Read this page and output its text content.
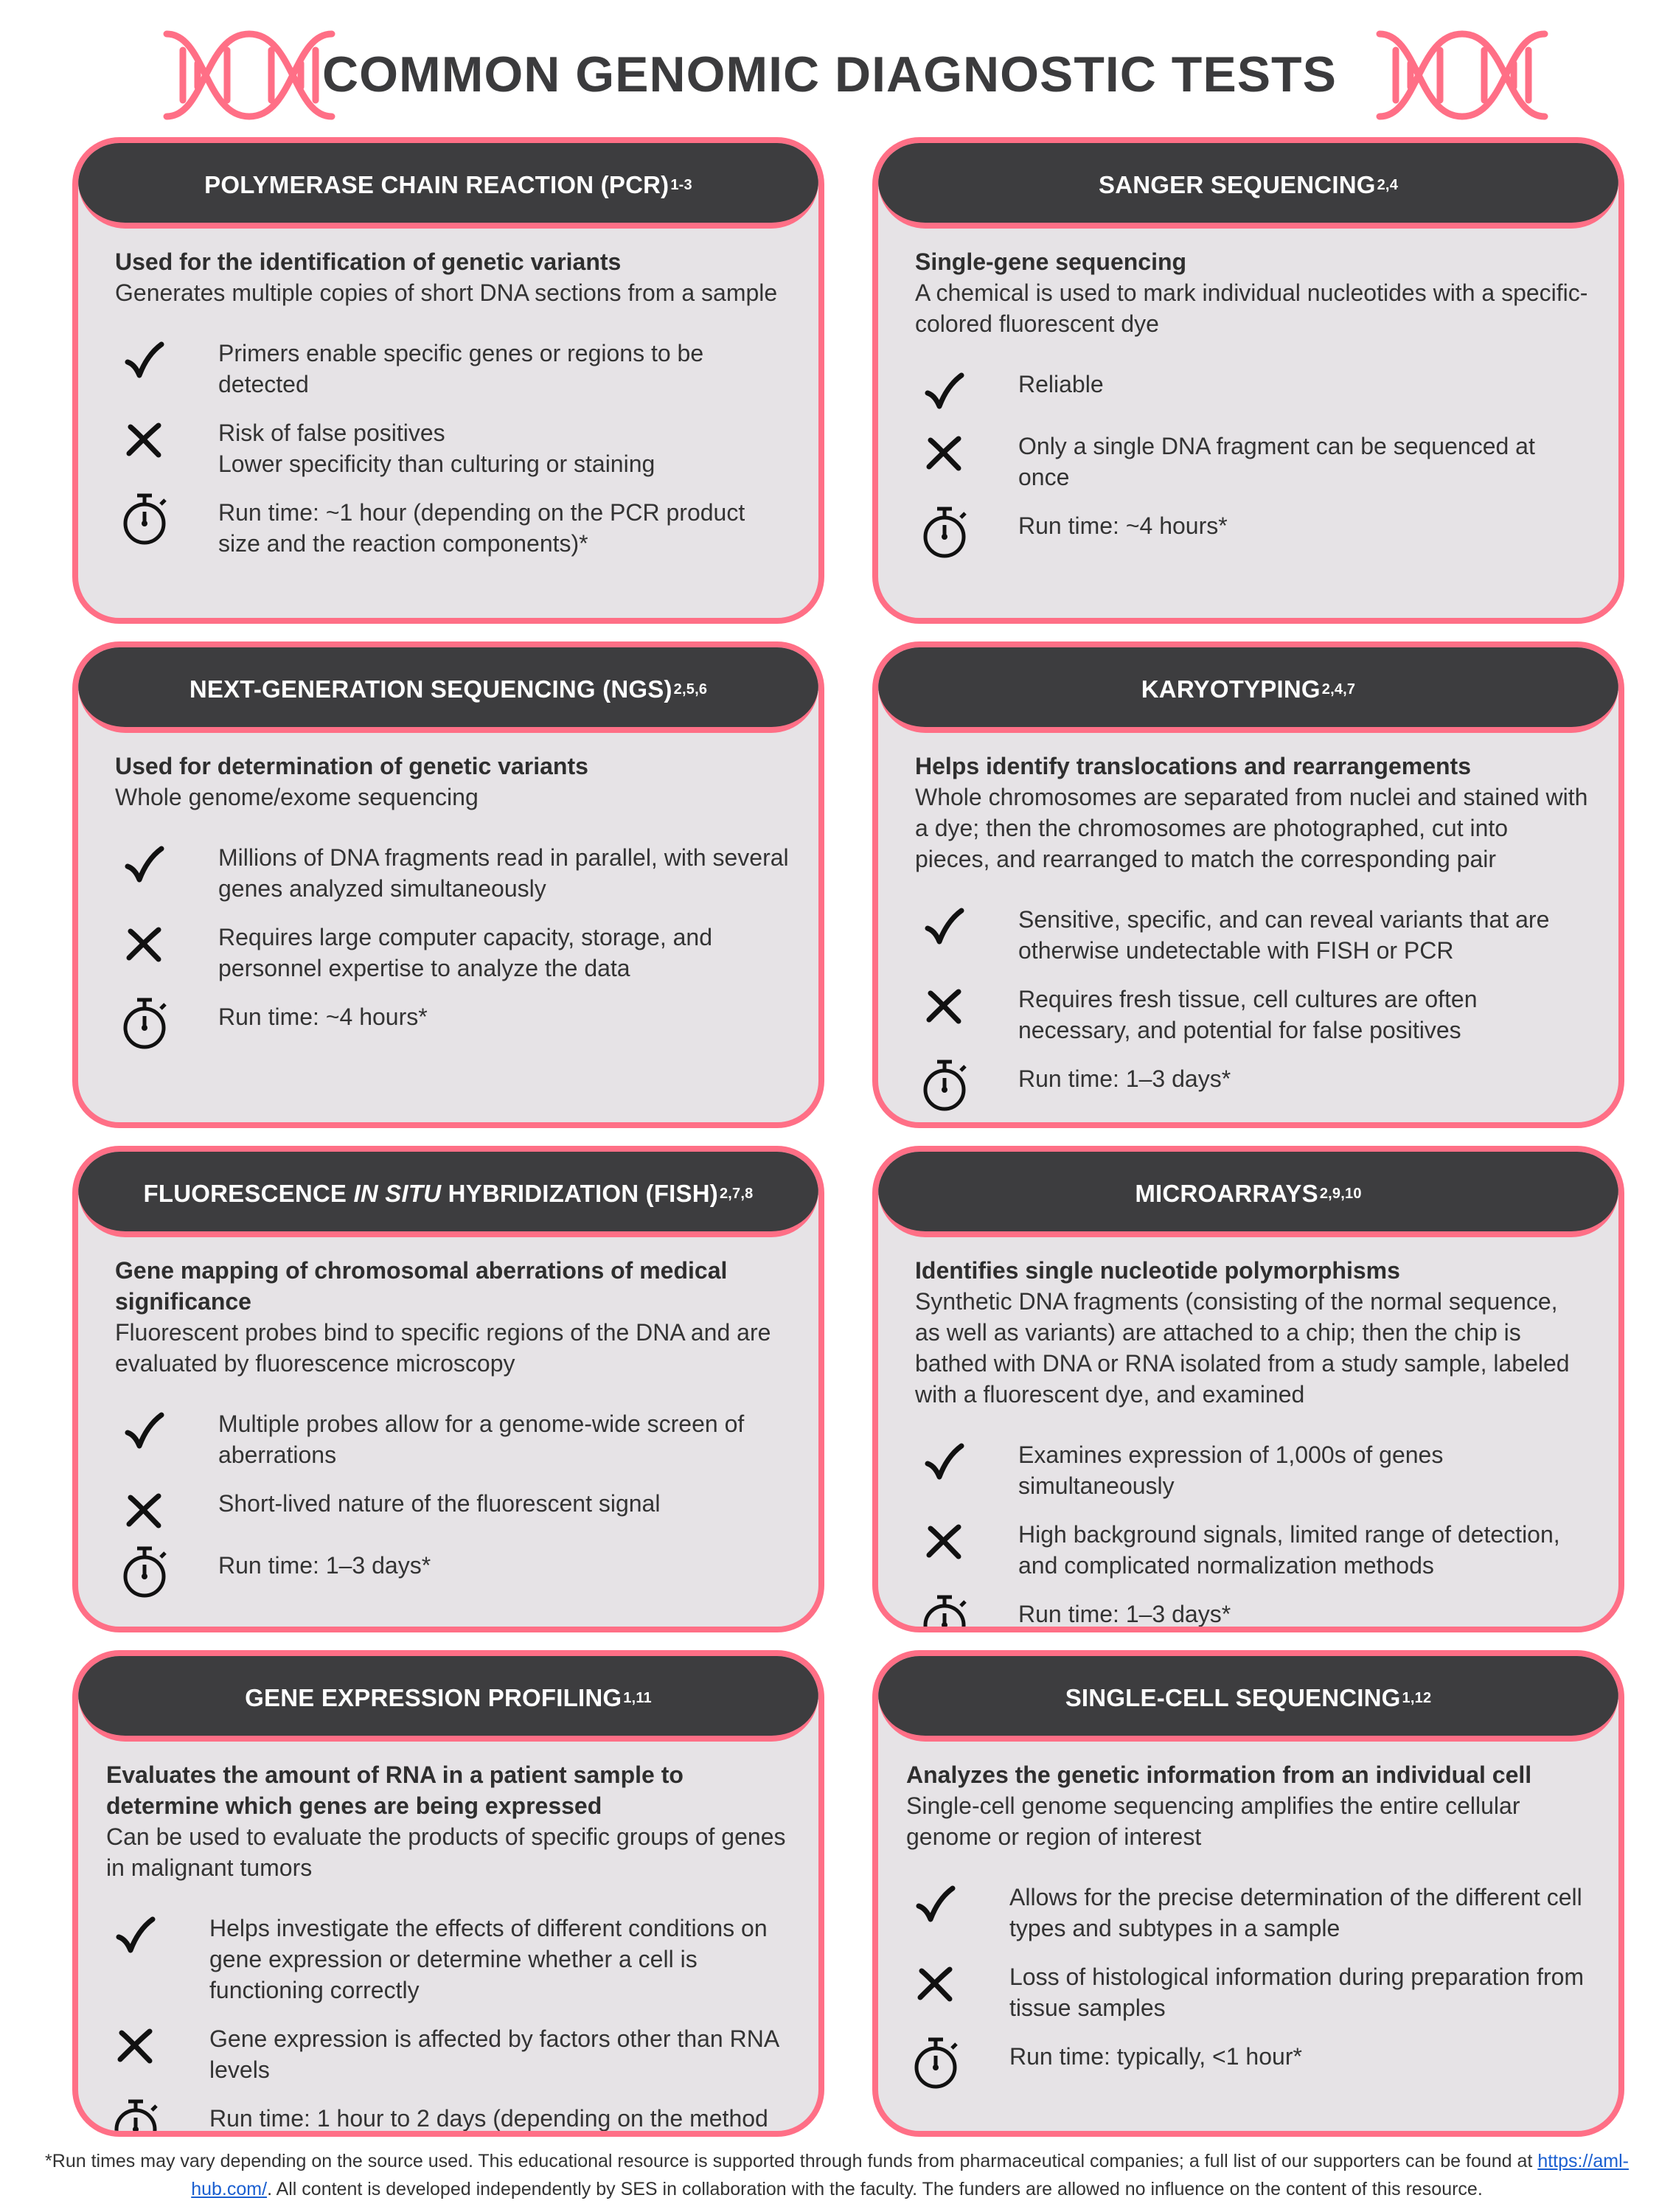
COMMON GENOMIC DIAGNOSTIC TESTS
POLYMERASE CHAIN REACTION (PCR) 1-3
Used for the identification of genetic variants
Generates multiple copies of short DNA sections from a sample
Primers enable specific genes or regions to be detected
Risk of false positives
Lower specificity than culturing or staining
Run time: ~1 hour (depending on the PCR product size and the reaction components)*
SANGER SEQUENCING 2,4
Single-gene sequencing
A chemical is used to mark individual nucleotides with a specific-colored fluorescent dye
Reliable
Only a single DNA fragment can be sequenced at once
Run time: ~4 hours*
NEXT-GENERATION SEQUENCING (NGS) 2,5,6
Used for determination of genetic variants
Whole genome/exome sequencing
Millions of DNA fragments read in parallel, with several genes analyzed simultaneously
Requires large computer capacity, storage, and personnel expertise to analyze the data
Run time: ~4 hours*
KARYOTYPING 2,4,7
Helps identify translocations and rearrangements
Whole chromosomes are separated from nuclei and stained with a dye; then the chromosomes are photographed, cut into pieces, and rearranged to match the corresponding pair
Sensitive, specific, and can reveal variants that are otherwise undetectable with FISH or PCR
Requires fresh tissue, cell cultures are often necessary, and potential for false positives
Run time: 1–3 days*
FLUORESCENCE IN SITU HYBRIDIZATION (FISH) 2,7,8
Gene mapping of chromosomal aberrations of medical significance
Fluorescent probes bind to specific regions of the DNA and are evaluated by fluorescence microscopy
Multiple probes allow for a genome-wide screen of aberrations
Short-lived nature of the fluorescent signal
Run time: 1–3 days*
MICROARRAYS 2,9,10
Identifies single nucleotide polymorphisms
Synthetic DNA fragments (consisting of the normal sequence, as well as variants) are attached to a chip; then the chip is bathed with DNA or RNA isolated from a study sample, labeled with a fluorescent dye, and examined
Examines expression of 1,000s of genes simultaneously
High background signals, limited range of detection, and complicated normalization methods
Run time: 1–3 days*
GENE EXPRESSION PROFILING 1,11
Evaluates the amount of RNA in a patient sample to determine which genes are being expressed
Can be used to evaluate the products of specific groups of genes in malignant tumors
Helps investigate the effects of different conditions on gene expression or determine whether a cell is functioning correctly
Gene expression is affected by factors other than RNA levels
Run time: 1 hour to 2 days (depending on the method
SINGLE-CELL SEQUENCING 1,12
Analyzes the genetic information from an individual cell
Single-cell genome sequencing amplifies the entire cellular genome or region of interest
Allows for the precise determination of the different cell types and subtypes in a sample
Loss of histological information during preparation from tissue samples
Run time: typically, <1 hour*
*Run times may vary depending on the source used. This educational resource is supported through funds from pharmaceutical companies; a full list of our supporters can be found at https://aml-hub.com/. All content is developed independently by SES in collaboration with the faculty. The funders are allowed no influence on the content of this resource.
